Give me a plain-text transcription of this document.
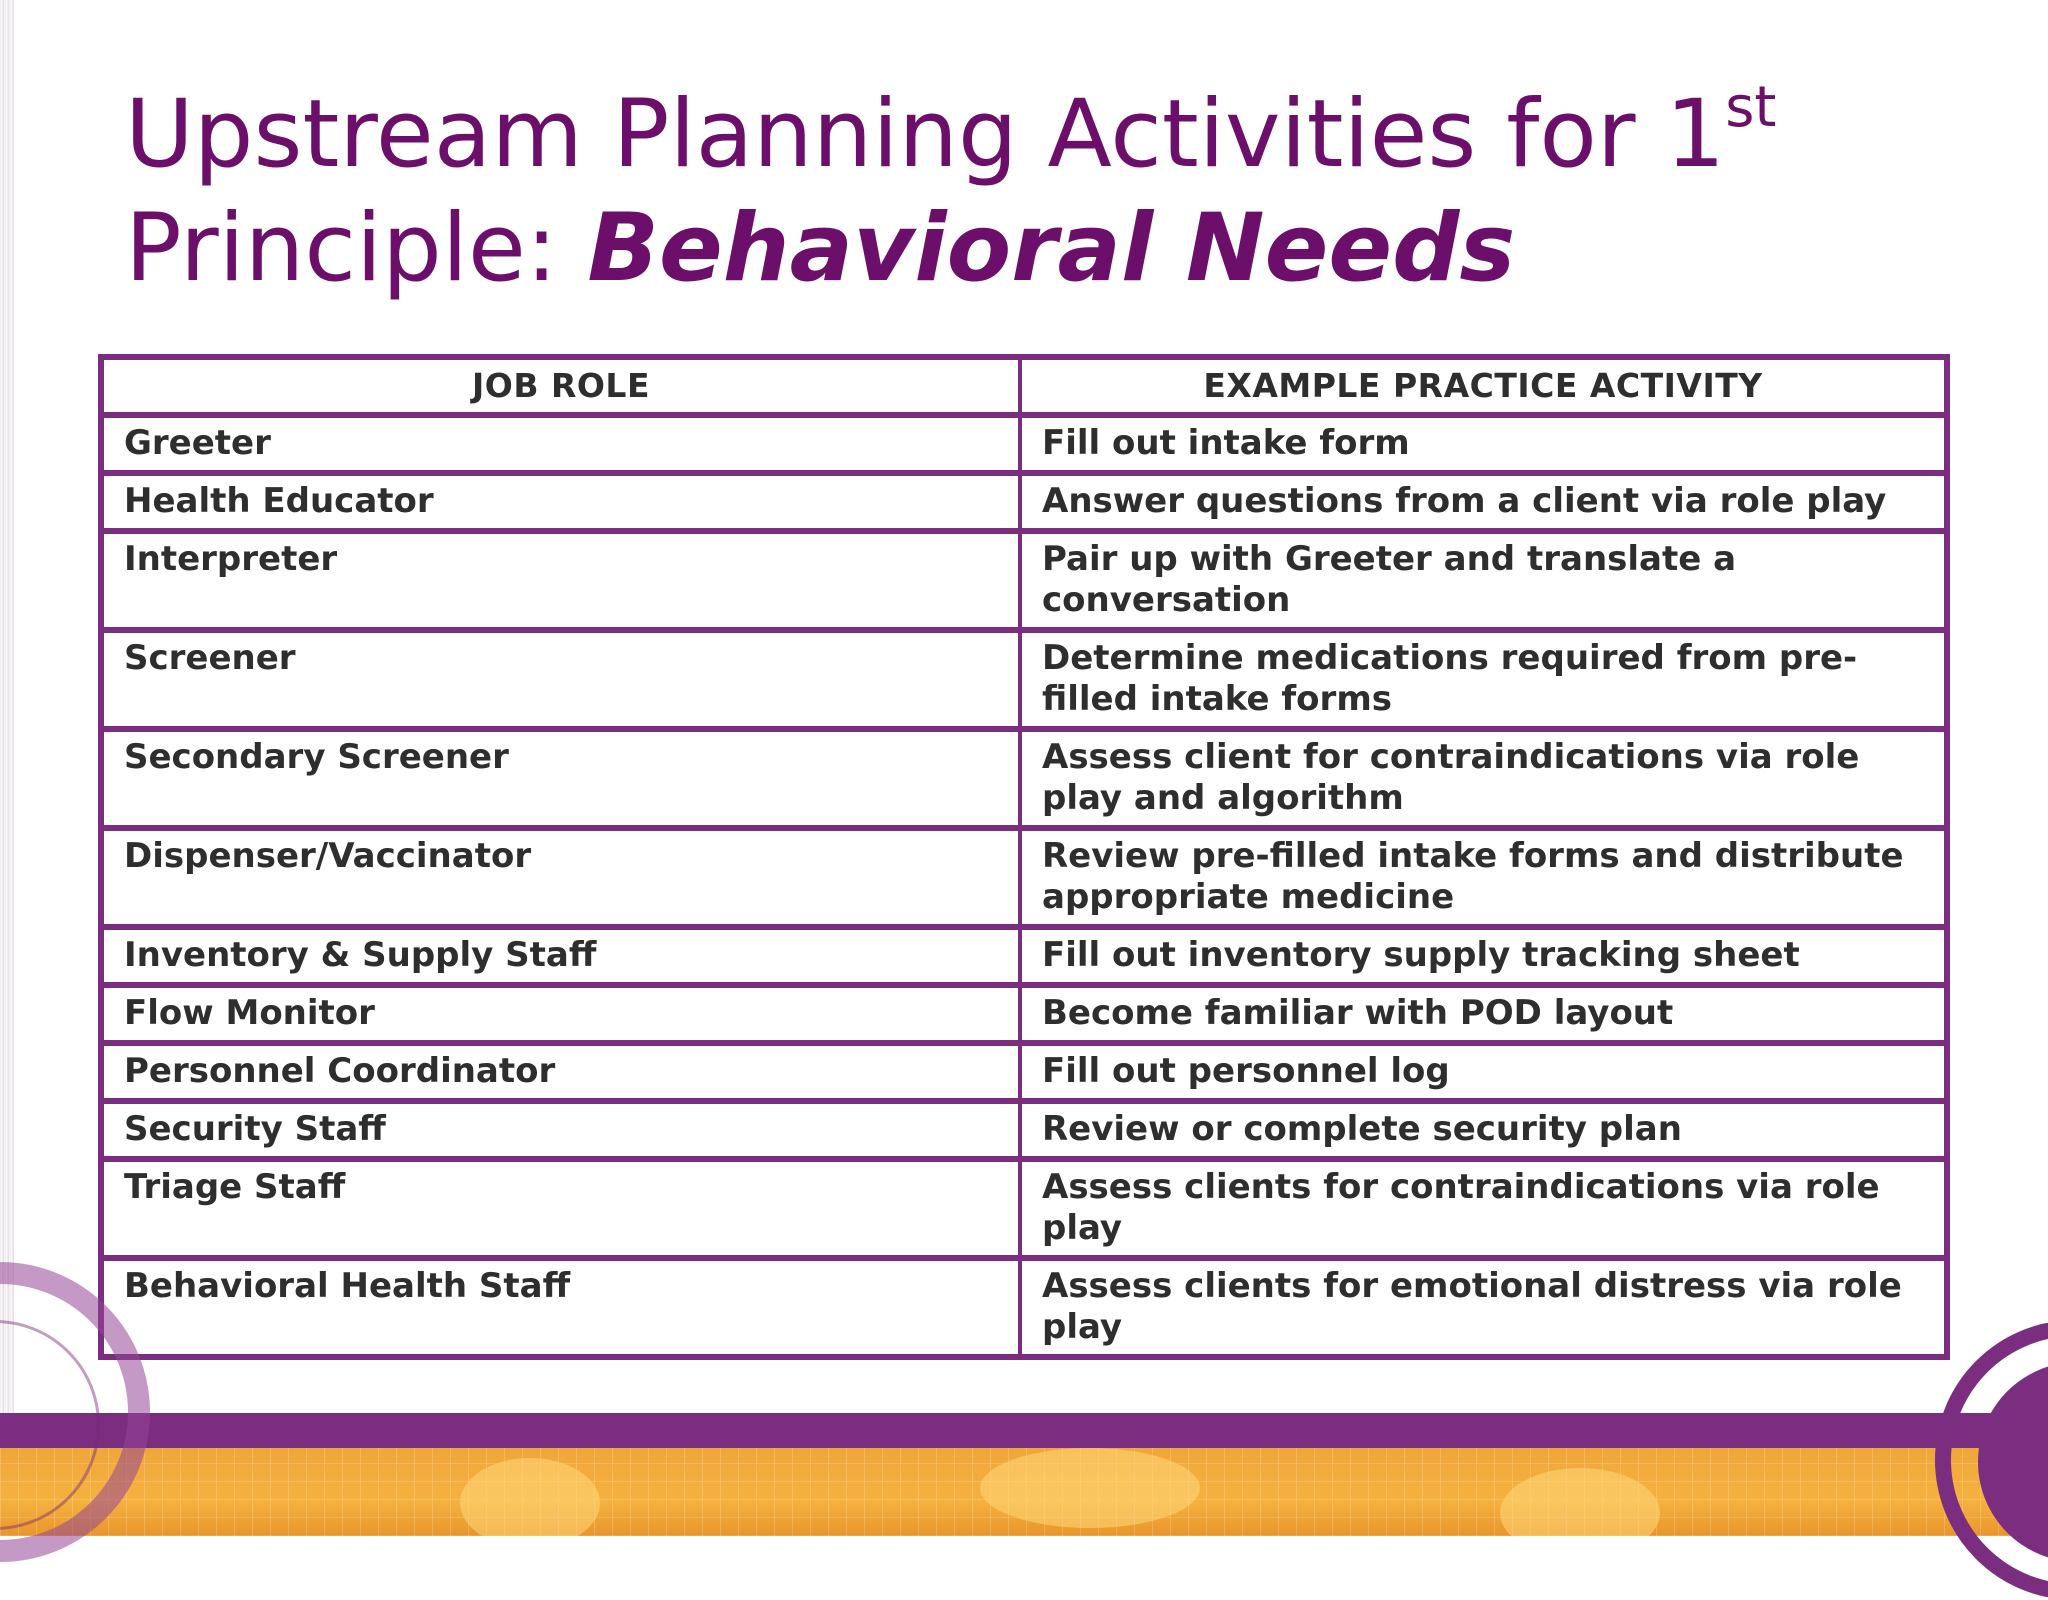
Upstream Planning Activities for 1st
Principle: Behavioral Needs
JOB ROLE	EXAMPLE PRACTICE ACTIVITY
Greeter	Fill out intake form
Health Educator	Answer questions from a client via role play
Interpreter	Pair up with Greeter and translate a conversation
Screener	Determine medications required from pre-filled intake forms
Secondary Screener	Assess client for contraindications via role play and algorithm
Dispenser/Vaccinator	Review pre-filled intake forms and distribute appropriate medicine
Inventory & Supply Staff	Fill out inventory supply tracking sheet
Flow Monitor	Become familiar with POD layout
Personnel Coordinator	Fill out personnel log
Security Staff	Review or complete security plan
Triage Staff	Assess clients for contraindications via role play
Behavioral Health Staff	Assess clients for emotional distress via role play
